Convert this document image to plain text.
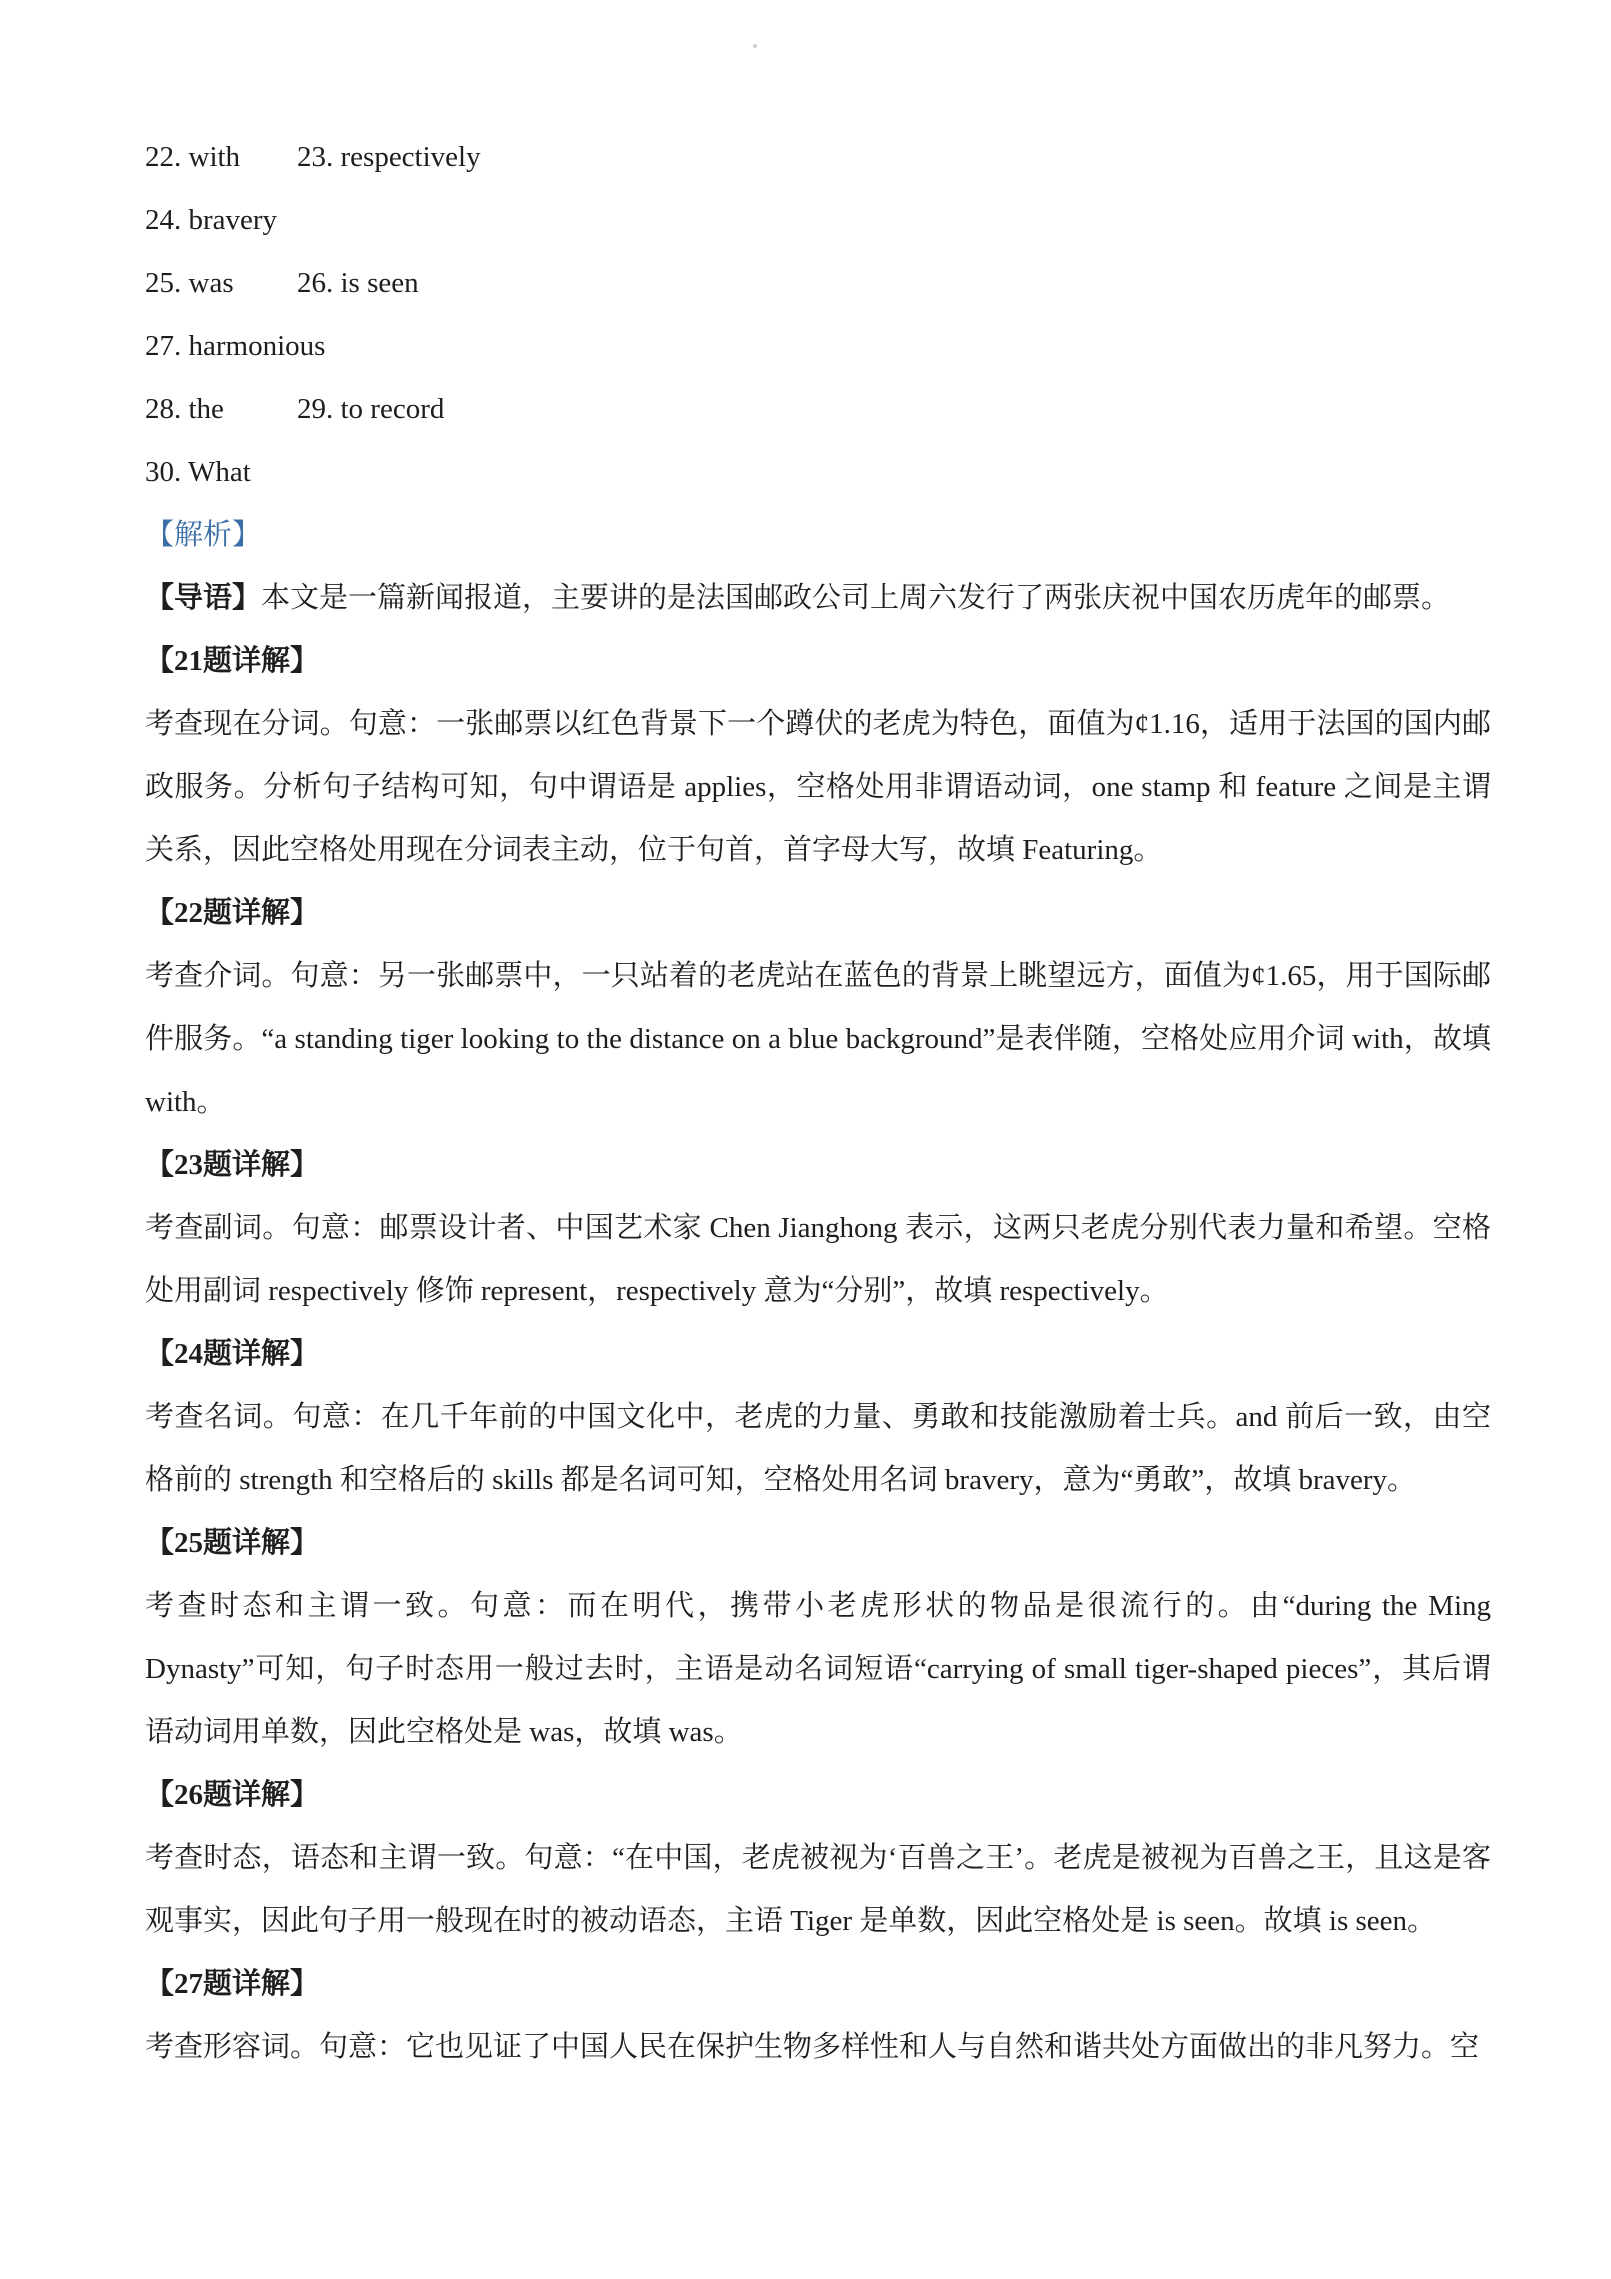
22. with 23. respectively
24. bravery
25. was 26. is seen
27. harmonious
28. the	29. to record
30. What
【解析】

【导语】本文是一篇新闻报道，主要讲的是法国邮政公司上周六发行了两张庆祝中国农历虎年的邮票。

【21题详解】

考查现在分词。句意：一张邮票以红色背景下一个蹲伏的老虎为特色，面值为¢1.16，适用于法国的国内邮政服务。分析句子结构可知，句中谓语是 applies，空格处用非谓语动词，one stamp 和 feature 之间是主谓关系，因此空格处用现在分词表主动，位于句首，首字母大写，故填 Featuring。

【22题详解】

考查介词。句意：另一张邮票中，一只站着的老虎站在蓝色的背景上眺望远方，面值为¢1.65，用于国际邮件服务。“a standing tiger looking to the distance on a blue background”是表伴随，空格处应用介词 with，故填 with。

【23题详解】

考查副词。句意：邮票设计者、中国艺术家 Chen Jianghong 表示，这两只老虎分别代表力量和希望。空格处用副词 respectively 修饰 represent，respectively 意为“分别”，故填 respectively。

【24题详解】

考查名词。句意：在几千年前的中国文化中，老虎的力量、勇敢和技能激励着士兵。and 前后一致，由空格前的 strength 和空格后的 skills 都是名词可知，空格处用名词 bravery，意为“勇敢”，故填 bravery。

【25题详解】

考查时态和主谓一致。句意：而在明代，携带小老虎形状的物品是很流行的。由“during the Ming Dynasty”可知，句子时态用一般过去时，主语是动名词短语“carrying of small tiger-shaped pieces”，其后谓语动词用单数，因此空格处是 was，故填 was。

【26题详解】

考查时态，语态和主谓一致。句意：“在中国，老虎被视为‘百兽之王’。老虎是被视为百兽之王，且这是客观事实，因此句子用一般现在时的被动语态，主语 Tiger 是单数，因此空格处是 is seen。故填 is seen。

【27题详解】

考查形容词。句意：它也见证了中国人民在保护生物多样性和人与自然和谐共处方面做出的非凡努力。空
